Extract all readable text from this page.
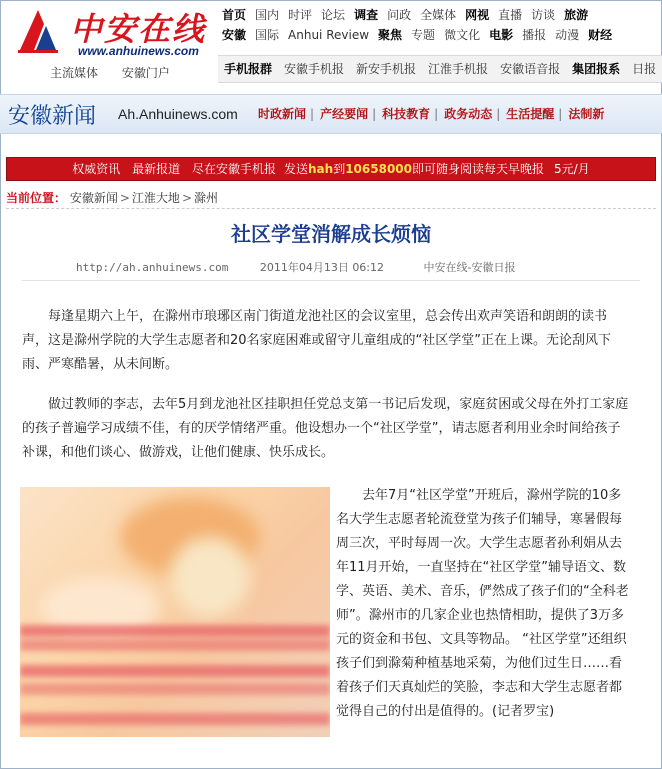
中安在线
www.anhuinews.com
主流媒体 安徽门户
首页 国内 时评 论坛 调查 问政 全媒体 网视 直播 访谈 旅游
安徽 国际 Anhui Review 聚焦 专题 微文化 电影 播报 动漫 财经
手机报群 安徽手机报 新安手机报 江淮手机报 安徽语音报 集团报系 日报
安徽新闻 Ah.Anhuinews.com 时政新闻 | 产经要闻 | 科技教育 | 政务动态 | 生活提醒 | 法制新
权威资讯 最新报道 尽在安徽手机报 发送hah到10658000即可随身阅读每天早晚报 5元/月
当前位置： 安徽新闻 > 江淮大地 > 滁州
社区学堂消解成长烦恼
http://ah.anhuinews.com	2011年04月13日 06:12	中安在线-安徽日报
每逢星期六上午，在滁州市琅琊区南门街道龙池社区的会议室里，总会传出欢声笑语和朗朗的读书声，这是滁州学院的大学生志愿者和20名家庭困难或留守儿童组成的“社区学堂”正在上课。无论刮风下雨、严寒酷暑，从未间断。
做过教师的李志，去年5月到龙池社区挂职担任党总支第一书记后发现，家庭贫困或父母在外打工家庭的孩子普遍学习成绩不佳，有的厌学情绪严重。他设想办一个“社区学堂”，请志愿者利用业余时间给孩子补课，和他们谈心、做游戏，让他们健康、快乐成长。
去年7月“社区学堂”开班后，滁州学院的10多名大学生志愿者轮流登堂为孩子们辅导，寒暑假每周三次，平时每周一次。大学生志愿者孙利娟从去年11月开始，一直坚持在“社区学堂”辅导语文、数学、英语、美术、音乐，俨然成了孩子们的“全科老师”。滁州市的几家企业也热情相助，提供了3万多元的资金和书包、文具等物品。 “社区学堂”还组织孩子们到滁菊种植基地采菊，为他们过生日……看着孩子们天真灿烂的笑脸，李志和大学生志愿者都觉得自己的付出是值得的。(记者罗宝)
